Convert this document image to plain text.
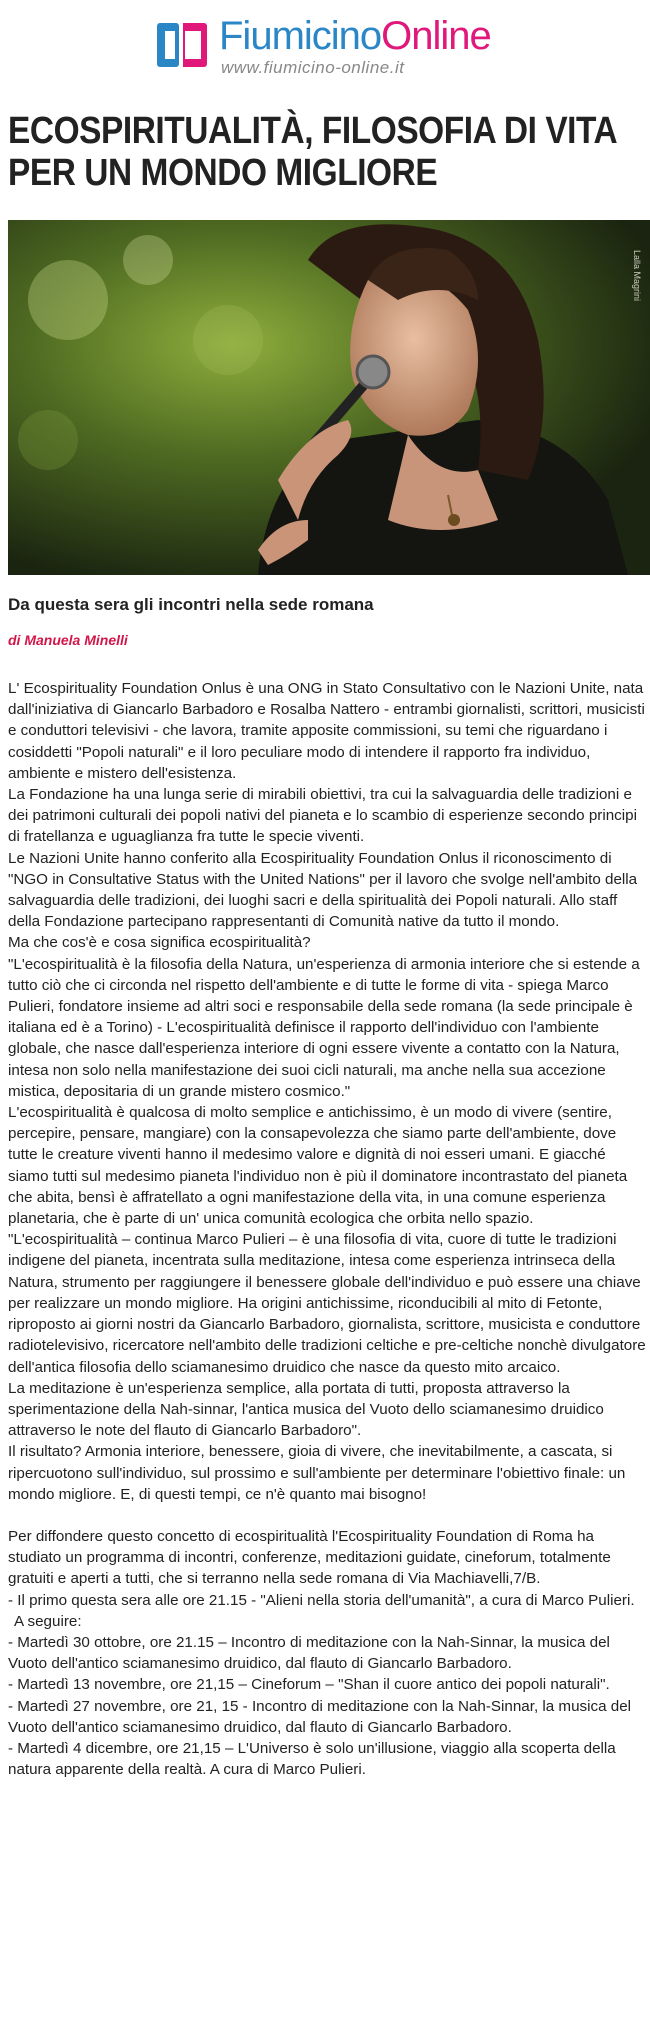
FiumicinoOnline
www.fiumicino-online.it
ECOSPIRITUALITÀ, FILOSOFIA DI VITA
PER UN MONDO MIGLIORE
Lalla Magrini

Da questa sera gli incontri nella sede romana

di Manuela Minelli

L' Ecospirituality Foundation Onlus è una ONG in Stato Consultativo con le Nazioni Unite, nata dall'iniziativa di Giancarlo Barbadoro e Rosalba Nattero - entrambi giornalisti, scrittori, musicisti e conduttori televisivi - che lavora, tramite apposite commissioni, su temi che riguardano i cosiddetti "Popoli naturali" e il loro peculiare modo di intendere il rapporto fra individuo, ambiente e mistero dell'esistenza.

La Fondazione ha una lunga serie di mirabili obiettivi, tra cui la salvaguardia delle tradizioni e dei patrimoni culturali dei popoli nativi del pianeta e lo scambio di esperienze secondo principi di fratellanza e uguaglianza fra tutte le specie viventi.

Le Nazioni Unite hanno conferito alla Ecospirituality Foundation Onlus il riconoscimento di "NGO in Consultative Status with the United Nations" per il lavoro che svolge nell'ambito della salvaguardia delle tradizioni, dei luoghi sacri e della spiritualità dei Popoli naturali. Allo staff della Fondazione partecipano rappresentanti di Comunità native da tutto il mondo.

Ma che cos'è e cosa significa ecospiritualità?

"L'ecospiritualità è la filosofia della Natura, un'esperienza di armonia interiore che si estende a tutto ciò che ci circonda nel rispetto dell'ambiente e di tutte le forme di vita - spiega Marco Pulieri, fondatore insieme ad altri soci e responsabile della sede romana (la sede principale è italiana ed è a Torino) - L'ecospiritualità definisce il rapporto dell'individuo con l'ambiente globale, che nasce dall'esperienza interiore di ogni essere vivente a contatto con la Natura, intesa non solo nella manifestazione dei suoi cicli naturali, ma anche nella sua accezione mistica, depositaria di un grande mistero cosmico."

L'ecospiritualità è qualcosa di molto semplice e antichissimo, è un modo di vivere (sentire, percepire, pensare, mangiare) con la consapevolezza che siamo parte dell'ambiente, dove tutte le creature viventi hanno il medesimo valore e dignità di noi esseri umani. E giacché siamo tutti sul medesimo pianeta l'individuo non è più il dominatore incontrastato del pianeta che abita, bensì è affratellato a ogni manifestazione della vita, in una comune esperienza planetaria, che è parte di un' unica comunità ecologica che orbita nello spazio.

"L'ecospiritualità – continua Marco Pulieri – è una filosofia di vita, cuore di tutte le tradizioni indigene del pianeta, incentrata sulla meditazione, intesa come esperienza intrinseca della Natura, strumento per raggiungere il benessere globale dell'individuo e può essere una chiave per realizzare un mondo migliore. Ha origini antichissime, riconducibili al mito di Fetonte, riproposto ai giorni nostri da Giancarlo Barbadoro, giornalista, scrittore, musicista e conduttore radiotelevisivo, ricercatore nell'ambito delle tradizioni celtiche e pre-celtiche nonchè divulgatore dell'antica filosofia dello sciamanesimo druidico che nasce da questo mito arcaico.

La meditazione è un'esperienza semplice, alla portata di tutti, proposta attraverso la sperimentazione della Nah-sinnar, l'antica musica del Vuoto dello sciamanesimo druidico attraverso le note del flauto di Giancarlo Barbadoro".

Il risultato? Armonia interiore, benessere, gioia di vivere, che inevitabilmente, a cascata, si ripercuotono sull'individuo, sul prossimo e sull'ambiente per determinare l'obiettivo finale: un mondo migliore. E, di questi tempi, ce n'è quanto mai bisogno!

Per diffondere questo concetto di ecospiritualità l'Ecospirituality Foundation di Roma ha studiato un programma di incontri, conferenze, meditazioni guidate, cineforum, totalmente gratuiti e aperti a tutti, che si terranno nella sede romana di Via Machiavelli,7/B.

- Il primo questa sera alle ore 21.15 - "Alieni nella storia dell'umanità", a cura di Marco Pulieri.

A seguire:

- Martedì 30 ottobre, ore 21.15 – Incontro di meditazione con la Nah-Sinnar, la musica del Vuoto dell'antico sciamanesimo druidico, dal flauto di Giancarlo Barbadoro.

- Martedì 13 novembre, ore 21,15 – Cineforum – "Shan il cuore antico dei popoli naturali".

- Martedì 27 novembre, ore 21, 15 - Incontro di meditazione con la Nah-Sinnar, la musica del Vuoto dell'antico sciamanesimo druidico, dal flauto di Giancarlo Barbadoro.

- Martedì 4 dicembre, ore 21,15 – L'Universo è solo un'illusione, viaggio alla scoperta della natura apparente della realtà. A cura di Marco Pulieri.
